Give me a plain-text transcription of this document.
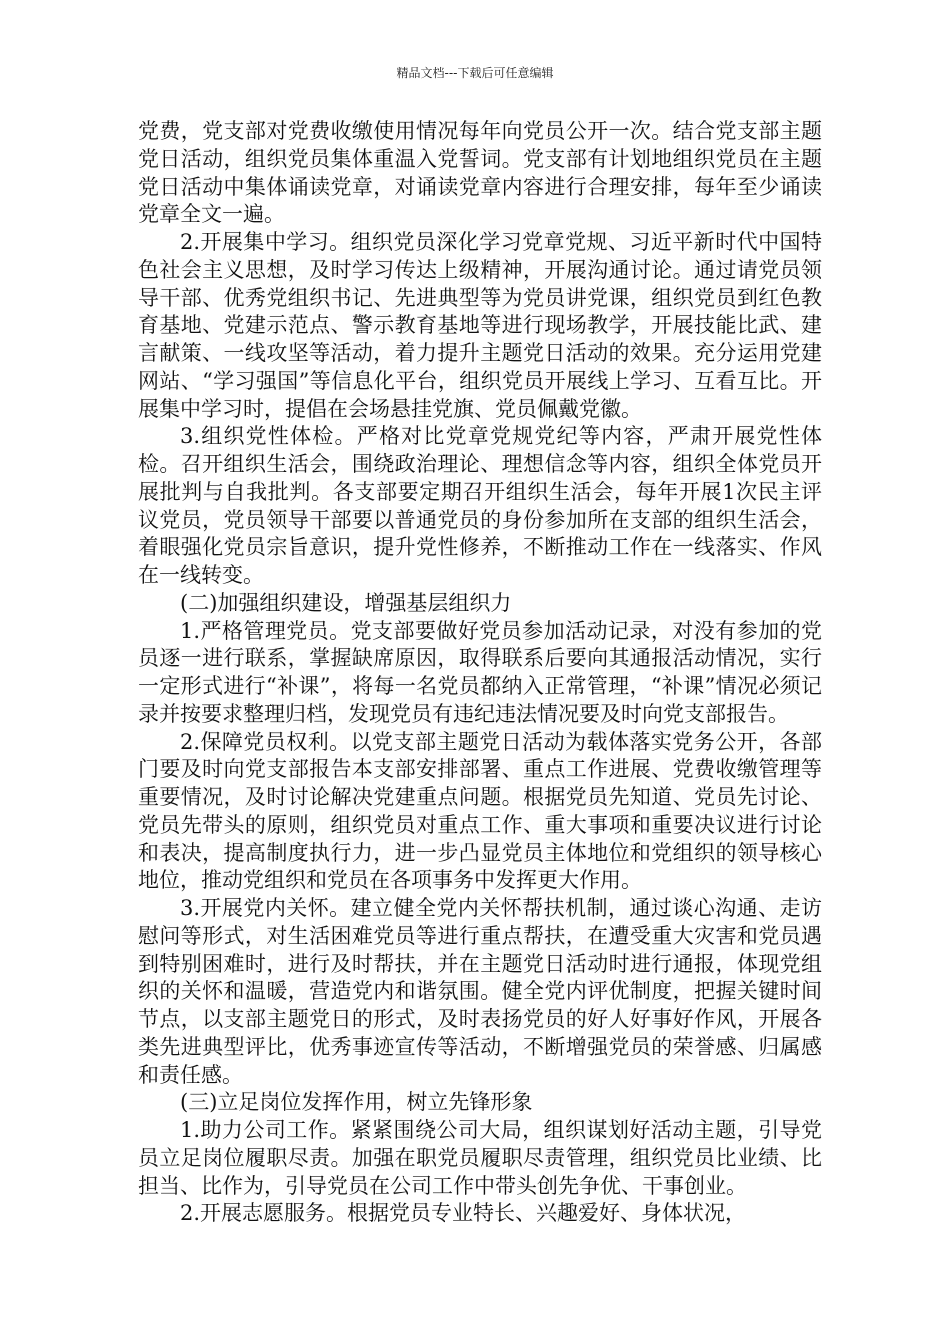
精品文档---下载后可任意编辑

党费，党支部对党费收缴使用情况每年向党员公开一次。结合党支部主题党日活动，组织党员集体重温入党誓词。党支部有计划地组织党员在主题党日活动中集体诵读党章，对诵读党章内容进行合理安排，每年至少诵读党章全文一遍。

2.开展集中学习。组织党员深化学习党章党规、习近平新时代中国特色社会主义思想，及时学习传达上级精神，开展沟通讨论。通过请党员领导干部、优秀党组织书记、先进典型等为党员讲党课，组织党员到红色教育基地、党建示范点、警示教育基地等进行现场教学，开展技能比武、建言献策、一线攻坚等活动，着力提升主题党日活动的效果。充分运用党建网站、“学习强国”等信息化平台，组织党员开展线上学习、互看互比。开展集中学习时，提倡在会场悬挂党旗、党员佩戴党徽。

3.组织党性体检。严格对比党章党规党纪等内容，严肃开展党性体检。召开组织生活会，围绕政治理论、理想信念等内容，组织全体党员开展批判与自我批判。各支部要定期召开组织生活会，每年开展1次民主评议党员，党员领导干部要以普通党员的身份参加所在支部的组织生活会，着眼强化党员宗旨意识，提升党性修养，不断推动工作在一线落实、作风在一线转变。

(二)加强组织建设，增强基层组织力

1.严格管理党员。党支部要做好党员参加活动记录，对没有参加的党员逐一进行联系，掌握缺席原因，取得联系后要向其通报活动情况，实行一定形式进行“补课”，将每一名党员都纳入正常管理，“补课”情况必须记录并按要求整理归档，发现党员有违纪违法情况要及时向党支部报告。

2.保障党员权利。以党支部主题党日活动为载体落实党务公开，各部门要及时向党支部报告本支部安排部署、重点工作进展、党费收缴管理等重要情况，及时讨论解决党建重点问题。根据党员先知道、党员先讨论、党员先带头的原则，组织党员对重点工作、重大事项和重要决议进行讨论和表决，提高制度执行力，进一步凸显党员主体地位和党组织的领导核心地位，推动党组织和党员在各项事务中发挥更大作用。

3.开展党内关怀。建立健全党内关怀帮扶机制，通过谈心沟通、走访慰问等形式，对生活困难党员等进行重点帮扶，在遭受重大灾害和党员遇到特别困难时，进行及时帮扶，并在主题党日活动时进行通报，体现党组织的关怀和温暖，营造党内和谐氛围。健全党内评优制度，把握关键时间节点，以支部主题党日的形式，及时表扬党员的好人好事好作风，开展各类先进典型评比，优秀事迹宣传等活动，不断增强党员的荣誉感、归属感和责任感。

(三)立足岗位发挥作用，树立先锋形象

1.助力公司工作。紧紧围绕公司大局，组织谋划好活动主题，引导党员立足岗位履职尽责。加强在职党员履职尽责管理，组织党员比业绩、比担当、比作为，引导党员在公司工作中带头创先争优、干事创业。

2.开展志愿服务。根据党员专业特长、兴趣爱好、身体状况，
